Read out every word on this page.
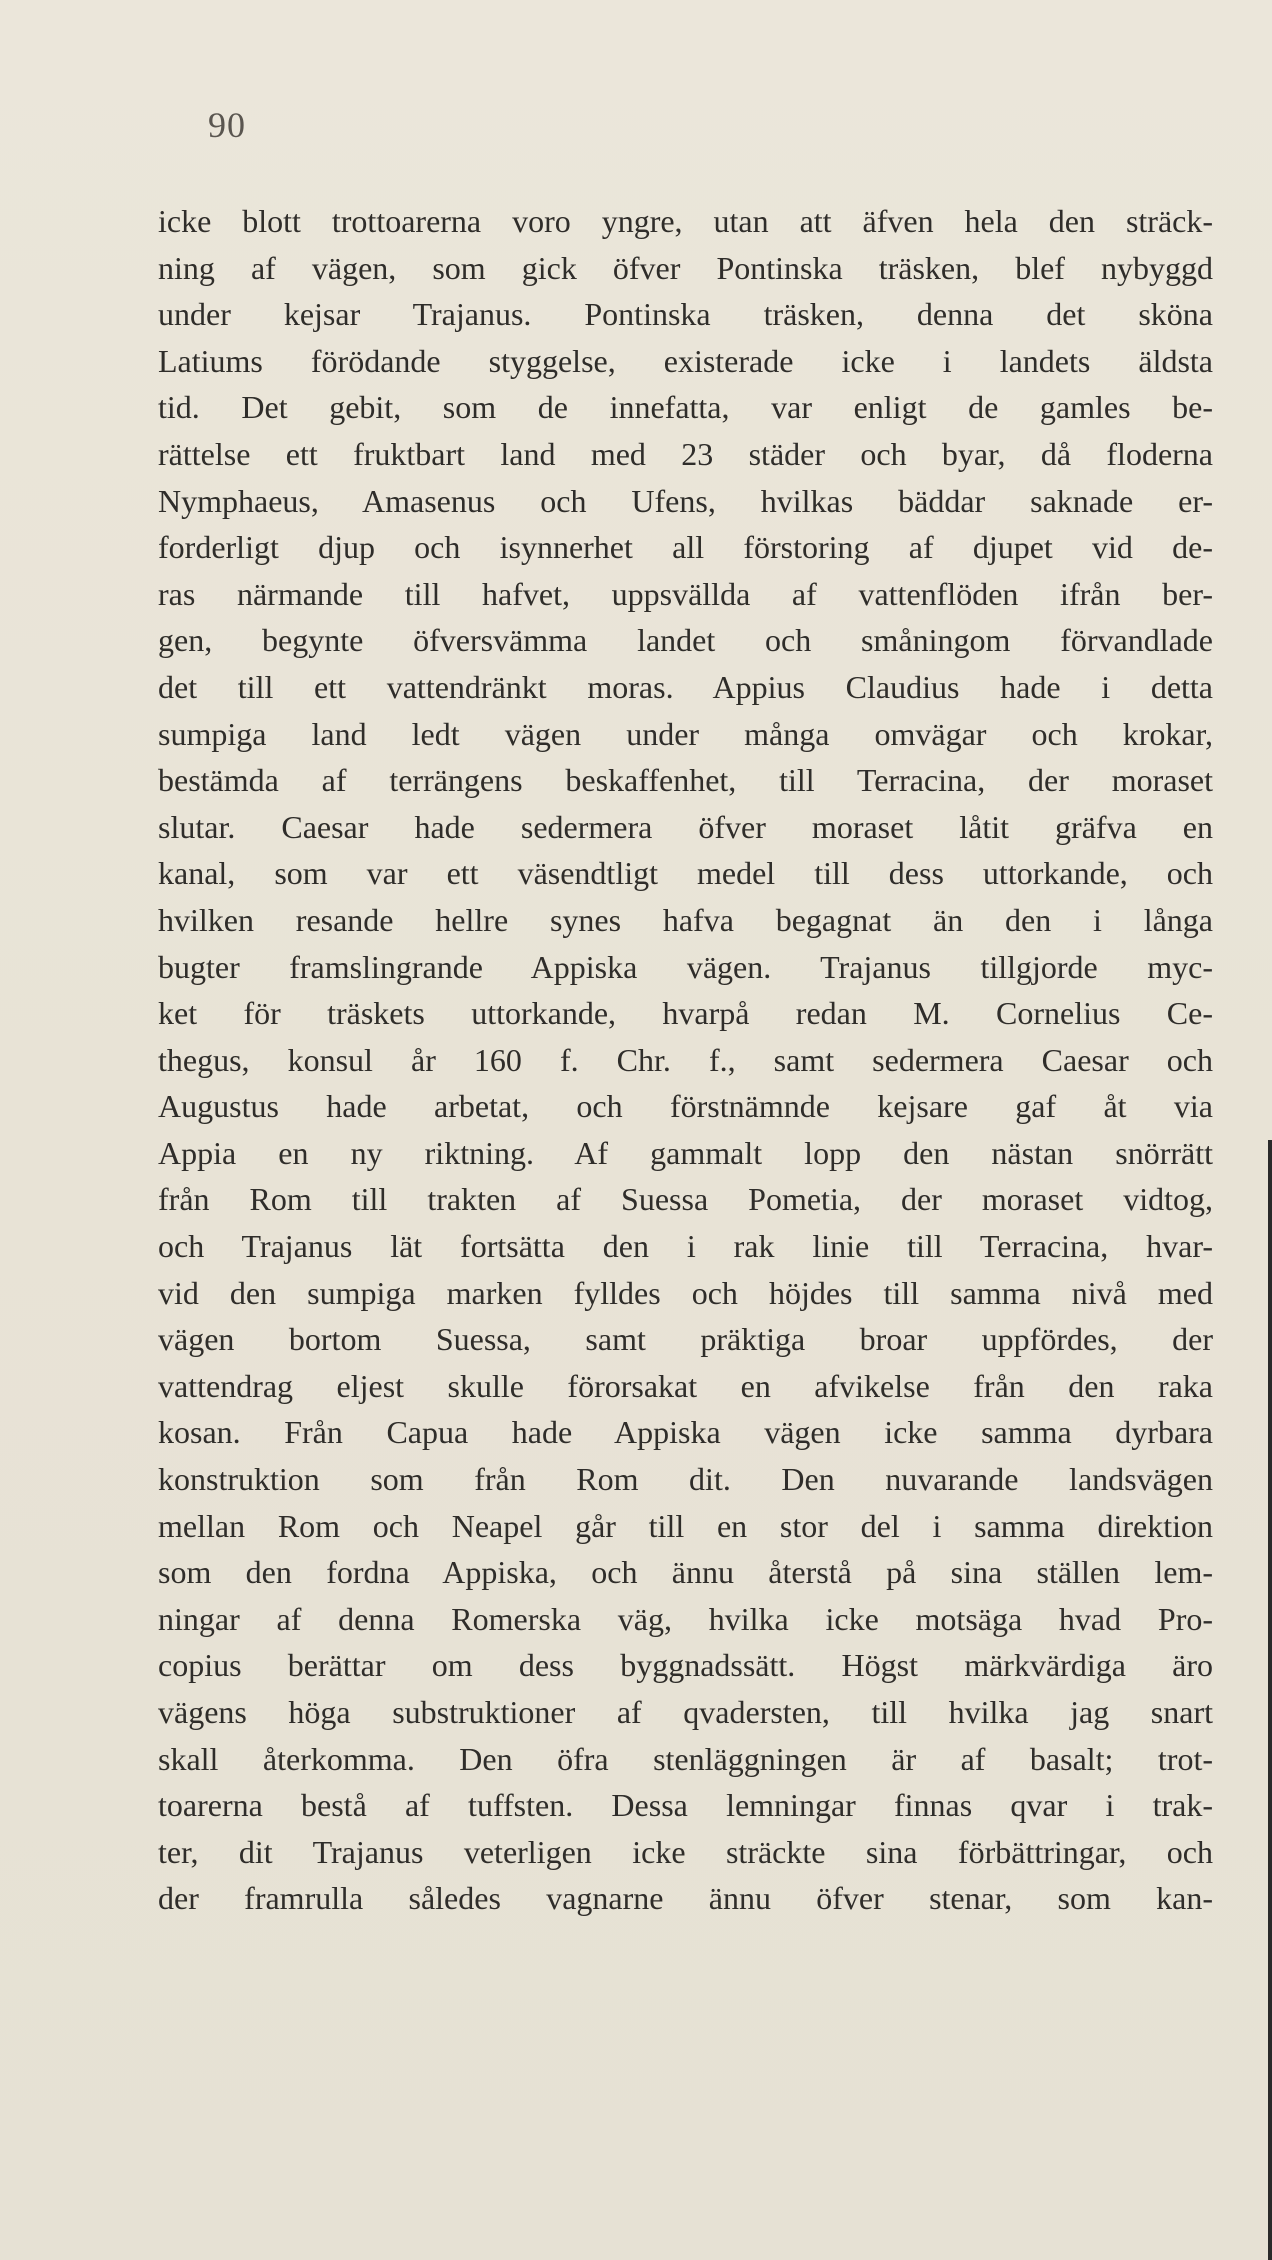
90
icke blott trottoarerna voro yngre, utan att äfven hela den sträck-
ning af vägen, som gick öfver Pontinska träsken, blef nybyggd
under kejsar Trajanus. Pontinska träsken, denna det sköna
Latiums förödande styggelse, existerade icke i landets äldsta
tid. Det gebit, som de innefatta, var enligt de gamles be-
rättelse ett fruktbart land med 23 städer och byar, då floderna
Nymphaeus, Amasenus och Ufens, hvilkas bäddar saknade er-
forderligt djup och isynnerhet all förstoring af djupet vid de-
ras närmande till hafvet, uppsvällda af vattenflöden ifrån ber-
gen, begynte öfversvämma landet och småningom förvandlade
det till ett vattendränkt moras. Appius Claudius hade i detta
sumpiga land ledt vägen under många omvägar och krokar,
bestämda af terrängens beskaffenhet, till Terracina, der moraset
slutar. Caesar hade sedermera öfver moraset låtit gräfva en
kanal, som var ett väsendtligt medel till dess uttorkande, och
hvilken resande hellre synes hafva begagnat än den i långa
bugter framslingrande Appiska vägen. Trajanus tillgjorde myc-
ket för träskets uttorkande, hvarpå redan M. Cornelius Ce-
thegus, konsul år 160 f. Chr. f., samt sedermera Caesar och
Augustus hade arbetat, och förstnämnde kejsare gaf åt via
Appia en ny riktning. Af gammalt lopp den nästan snörrätt
från Rom till trakten af Suessa Pometia, der moraset vidtog,
och Trajanus lät fortsätta den i rak linie till Terracina, hvar-
vid den sumpiga marken fylldes och höjdes till samma nivå med
vägen bortom Suessa, samt präktiga broar uppfördes, der
vattendrag eljest skulle förorsakat en afvikelse från den raka
kosan. Från Capua hade Appiska vägen icke samma dyrbara
konstruktion som från Rom dit. Den nuvarande landsvägen
mellan Rom och Neapel går till en stor del i samma direktion
som den fordna Appiska, och ännu återstå på sina ställen lem-
ningar af denna Romerska väg, hvilka icke motsäga hvad Pro-
copius berättar om dess byggnadssätt. Högst märkvärdiga äro
vägens höga substruktioner af qvadersten, till hvilka jag snart
skall återkomma. Den öfra stenläggningen är af basalt; trot-
toarerna bestå af tuffsten. Dessa lemningar finnas qvar i trak-
ter, dit Trajanus veterligen icke sträckte sina förbättringar, och
der framrulla således vagnarne ännu öfver stenar, som kan-
